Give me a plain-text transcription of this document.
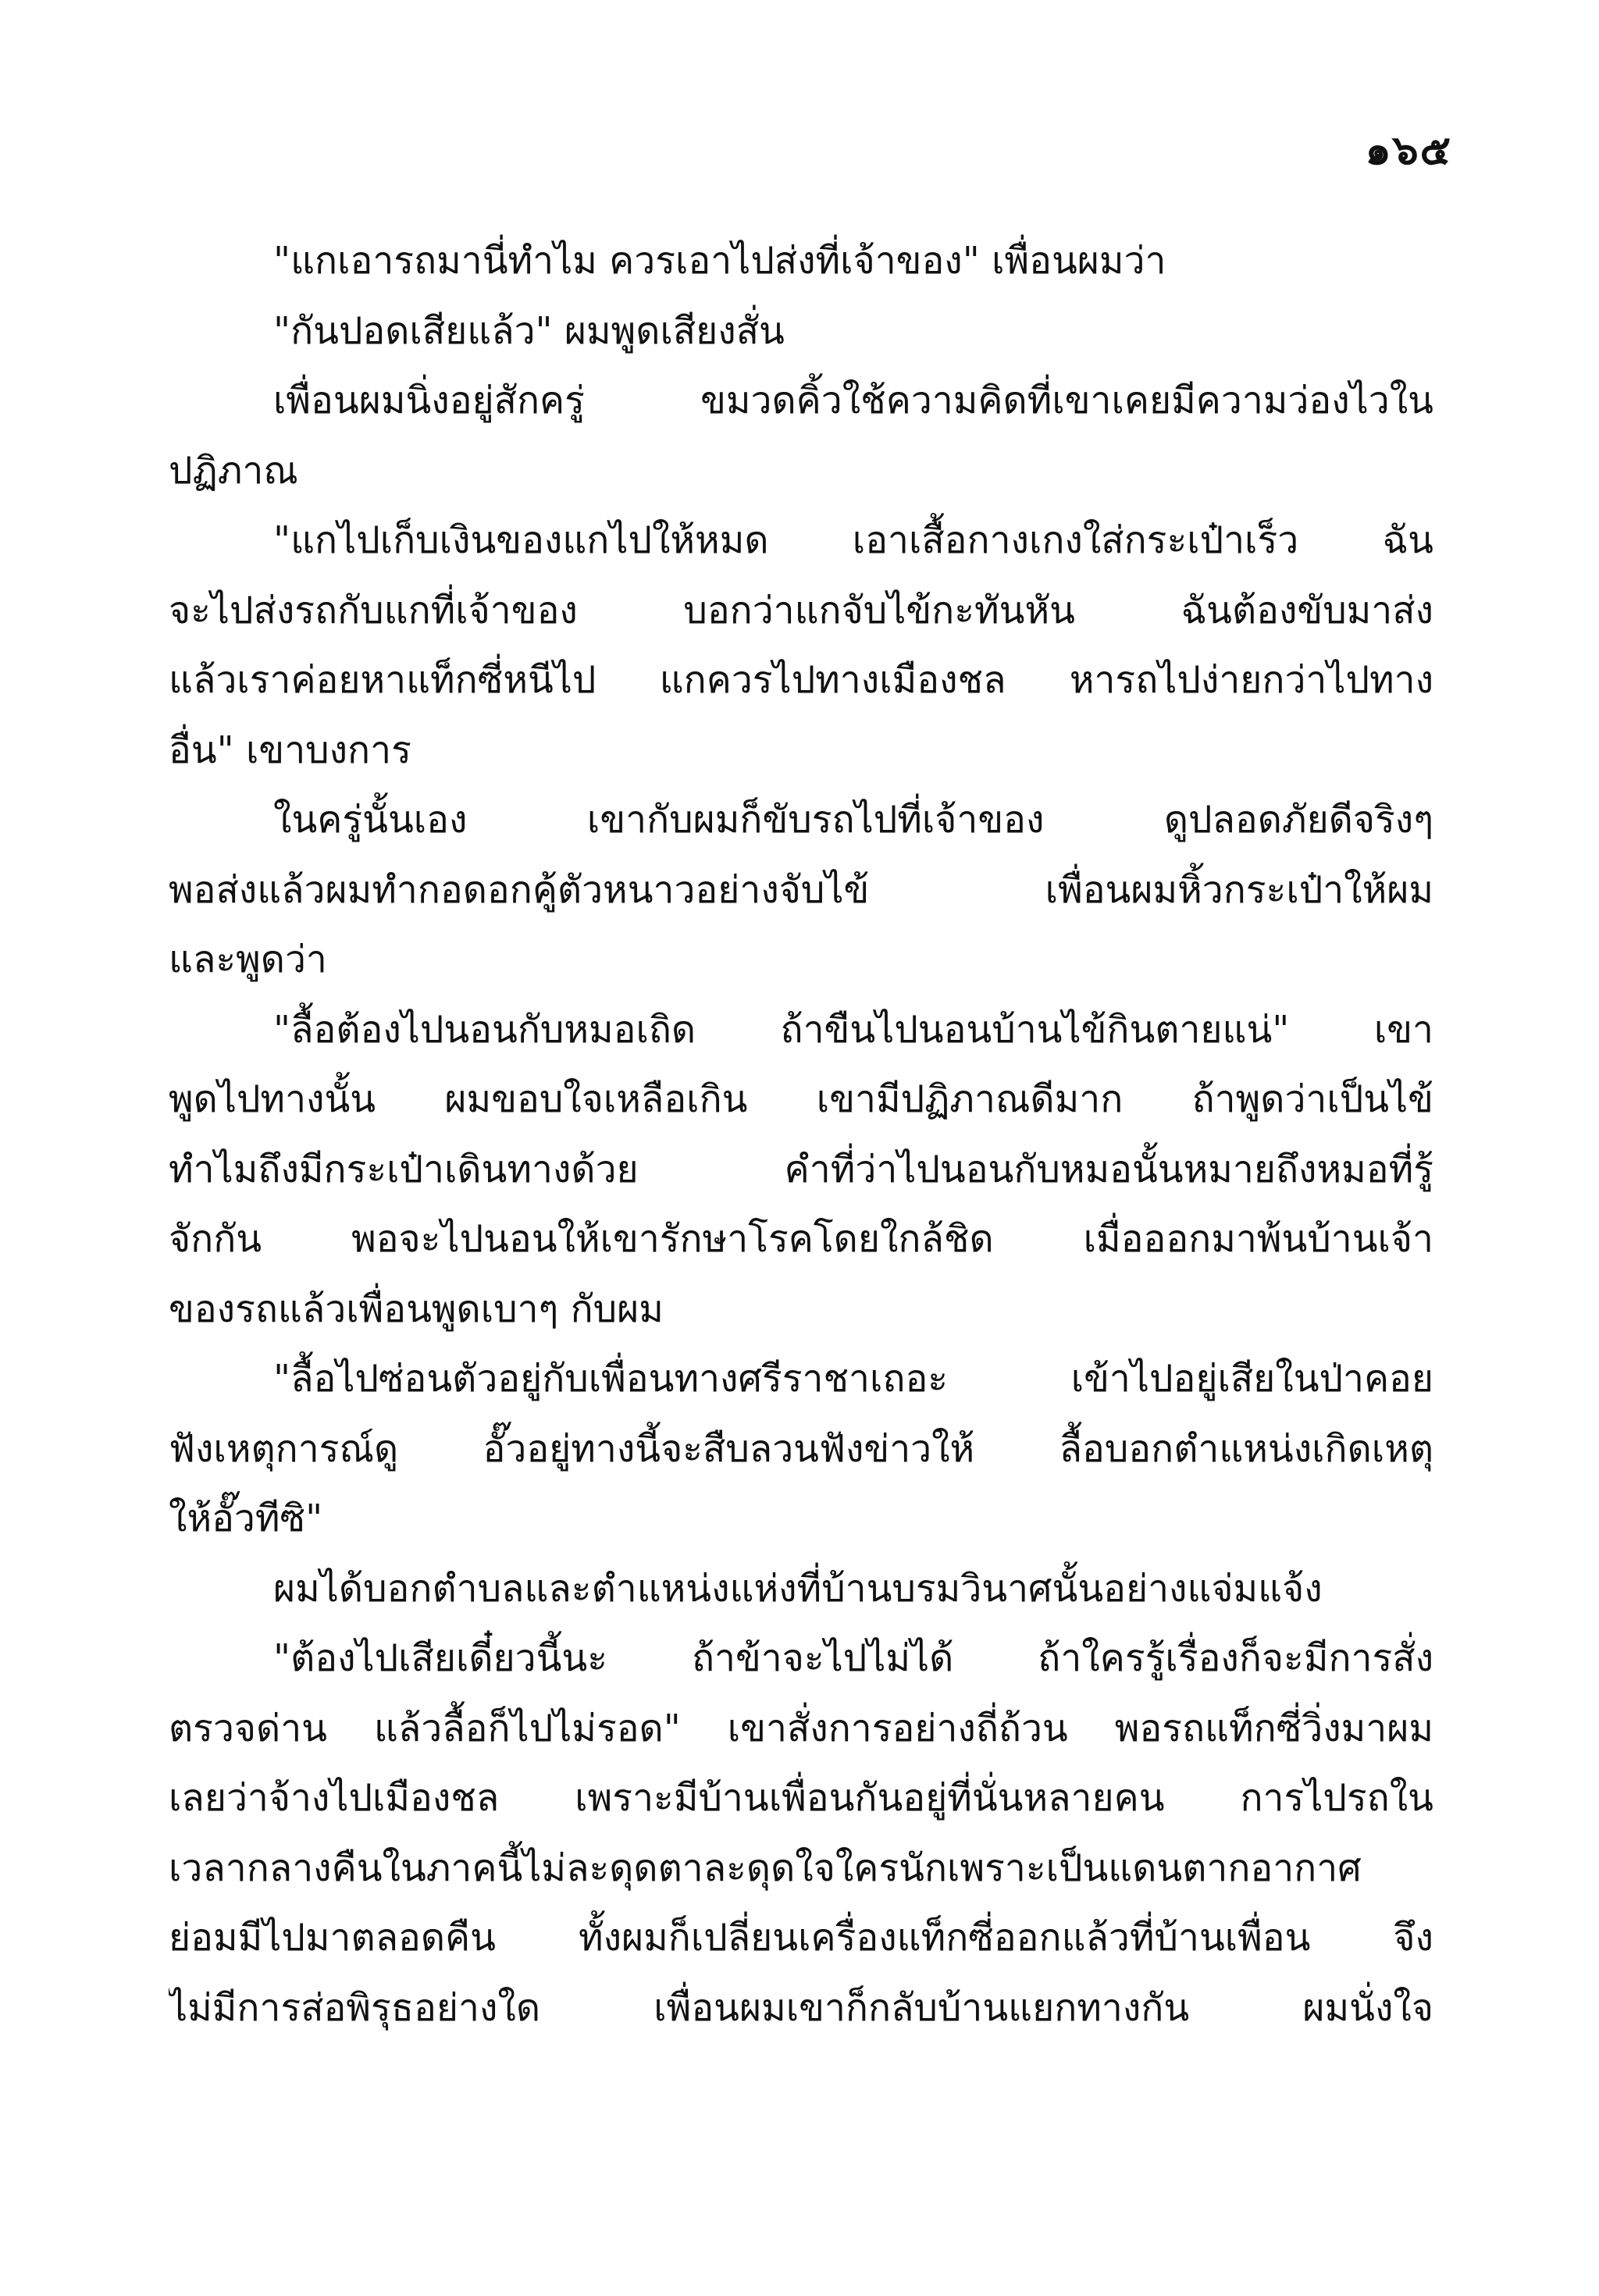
๑๖๕
"แกเอารถมานี่ทำไม ควรเอาไปส่งที่เจ้าของ" เพื่อนผมว่า
"กันปอดเสียแล้ว" ผมพูดเสียงสั่น
เพื่อนผมนิ่งอยู่สักครู่ ขมวดคิ้วใช้ความคิดที่เขาเคยมีความว่องไวใน
ปฏิภาณ
"แกไปเก็บเงินของแกไปให้หมด เอาเสื้อกางเกงใส่กระเป๋าเร็ว ฉัน
จะไปส่งรถกับแกที่เจ้าของ บอกว่าแกจับไข้กะทันหัน ฉันต้องขับมาส่ง
แล้วเราค่อยหาแท็กซี่หนีไป แกควรไปทางเมืองชล หารถไปง่ายกว่าไปทาง
อื่น" เขาบงการ
ในครู่นั้นเอง เขากับผมก็ขับรถไปที่เจ้าของ ดูปลอดภัยดีจริงๆ
พอส่งแล้วผมทำกอดอกคู้ตัวหนาวอย่างจับไข้ เพื่อนผมหิ้วกระเป๋าให้ผม
และพูดว่า
"ลื้อต้องไปนอนกับหมอเถิด ถ้าขืนไปนอนบ้านไข้กินตายแน่" เขา
พูดไปทางนั้น ผมขอบใจเหลือเกิน เขามีปฏิภาณดีมาก ถ้าพูดว่าเป็นไข้
ทำไมถึงมีกระเป๋าเดินทางด้วย คำที่ว่าไปนอนกับหมอนั้นหมายถึงหมอที่รู้
จักกัน พอจะไปนอนให้เขารักษาโรคโดยใกล้ชิด เมื่อออกมาพ้นบ้านเจ้า
ของรถแล้วเพื่อนพูดเบาๆ กับผม
"ลื้อไปซ่อนตัวอยู่กับเพื่อนทางศรีราชาเถอะ เข้าไปอยู่เสียในป่าคอย
ฟังเหตุการณ์ดู อั๊วอยู่ทางนี้จะสืบลวนฟังข่าวให้ ลื้อบอกตำแหน่งเกิดเหตุ
ให้อั๊วทีซิ"
ผมได้บอกตำบลและตำแหน่งแห่งที่บ้านบรมวินาศนั้นอย่างแจ่มแจ้ง
"ต้องไปเสียเดี๋ยวนี้นะ ถ้าข้าจะไปไม่ได้ ถ้าใครรู้เรื่องก็จะมีการสั่ง
ตรวจด่าน แล้วลื้อก็ไปไม่รอด" เขาสั่งการอย่างถี่ถ้วน พอรถแท็กซี่วิ่งมาผม
เลยว่าจ้างไปเมืองชล เพราะมีบ้านเพื่อนกันอยู่ที่นั่นหลายคน การไปรถใน
เวลากลางคืนในภาคนี้ไม่ละดุดตาละดุดใจใครนักเพราะเป็นแดนตากอากาศ
ย่อมมีไปมาตลอดคืน ทั้งผมก็เปลี่ยนเครื่องแท็กซี่ออกแล้วที่บ้านเพื่อน จึง
ไม่มีการส่อพิรุธอย่างใด เพื่อนผมเขาก็กลับบ้านแยกทางกัน ผมนั่งใจ
